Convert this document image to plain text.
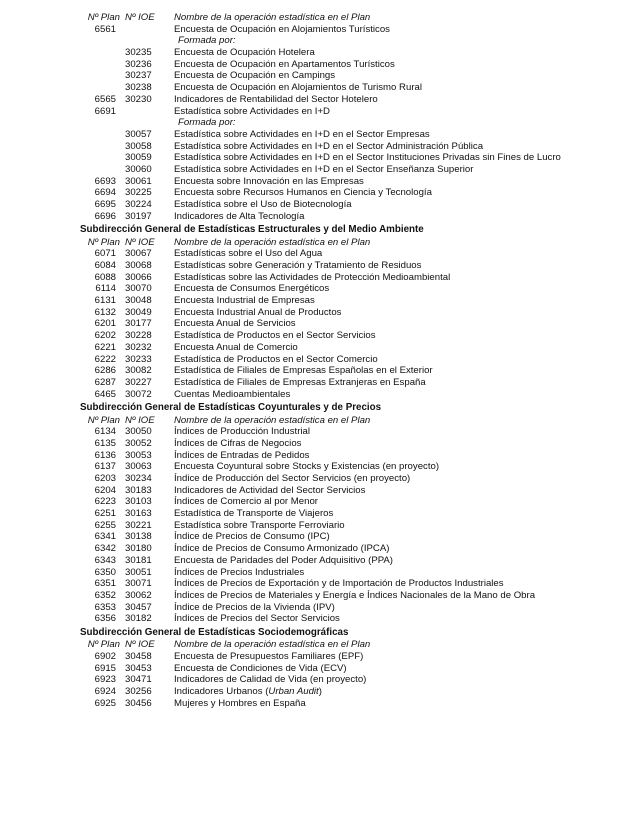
Nº Plan Nº IOE Nombre de la operación estadística en el Plan
6561	Encuesta de Ocupación en Alojamientos Turísticos
Formada por:
30235 Encuesta de Ocupación Hotelera
30236 Encuesta de Ocupación en Apartamentos Turísticos
30237 Encuesta de Ocupación en Campings
30238 Encuesta de Ocupación en Alojamientos de Turismo Rural
6565 30230 Indicadores de Rentabilidad del Sector Hotelero
6691	Estadística sobre Actividades en I+D
Formada por:
30057 Estadística sobre Actividades en I+D en el Sector Empresas
30058 Estadística sobre Actividades en I+D en el Sector Administración Pública
30059 Estadística sobre Actividades en I+D en el Sector Instituciones Privadas sin Fines de Lucro
30060 Estadística sobre Actividades en I+D en el Sector Enseñanza Superior
6693 30061 Encuesta sobre Innovación en las Empresas
6694 30225 Encuesta sobre Recursos Humanos en Ciencia y Tecnología
6695 30224 Estadística sobre el Uso de Biotecnología
6696 30197 Indicadores de Alta Tecnología
Subdirección General de Estadísticas Estructurales y del Medio Ambiente
Nº Plan Nº IOE Nombre de la operación estadística en el Plan
6071 30067 Estadísticas sobre el Uso del Agua
6084 30068 Estadísticas sobre Generación y Tratamiento de Residuos
6088 30066 Estadísticas sobre las Actividades de Protección Medioambiental
6114 30070 Encuesta de Consumos Energéticos
6131 30048 Encuesta Industrial de Empresas
6132 30049 Encuesta Industrial Anual de Productos
6201 30177 Encuesta Anual de Servicios
6202 30228 Estadística de Productos en el Sector Servicios
6221 30232 Encuesta Anual de Comercio
6222 30233 Estadística de Productos en el Sector Comercio
6286 30082 Estadística de Filiales de Empresas Españolas en el Exterior
6287 30227 Estadística de Filiales de Empresas Extranjeras en España
6465 30072 Cuentas Medioambientales
Subdirección General de Estadísticas Coyunturales y de Precios
Nº Plan Nº IOE Nombre de la operación estadística en el Plan
6134 30050 Índices de Producción Industrial
6135 30052 Índices de Cifras de Negocios
6136 30053 Índices de Entradas de Pedidos
6137 30063 Encuesta Coyuntural sobre Stocks y Existencias (en proyecto)
6203 30234 Índice de Producción del Sector Servicios (en proyecto)
6204 30183 Indicadores de Actividad del Sector Servicios
6223 30103 Índices de Comercio al por Menor
6251 30163 Estadística de Transporte de Viajeros
6255 30221 Estadística sobre Transporte Ferroviario
6341 30138 Índice de Precios de Consumo (IPC)
6342 30180 Índice de Precios de Consumo Armonizado (IPCA)
6343 30181 Encuesta de Paridades del Poder Adquisitivo (PPA)
6350 30051 Índices de Precios Industriales
6351 30071 Índices de Precios de Exportación y de Importación de Productos Industriales
6352 30062 Índices de Precios de Materiales y Energía e Índices Nacionales de la Mano de Obra
6353 30457 Índice de Precios de la Vivienda (IPV)
6356 30182 Índices de Precios del Sector Servicios
Subdirección General de Estadísticas Sociodemográficas
Nº Plan Nº IOE Nombre de la operación estadística en el Plan
6902 30458 Encuesta de Presupuestos Familiares (EPF)
6915 30453 Encuesta de Condiciones de Vida (ECV)
6923 30471 Indicadores de Calidad de Vida (en proyecto)
6924 30256 Indicadores Urbanos (Urban Audit)
6925 30456 Mujeres y Hombres en España
